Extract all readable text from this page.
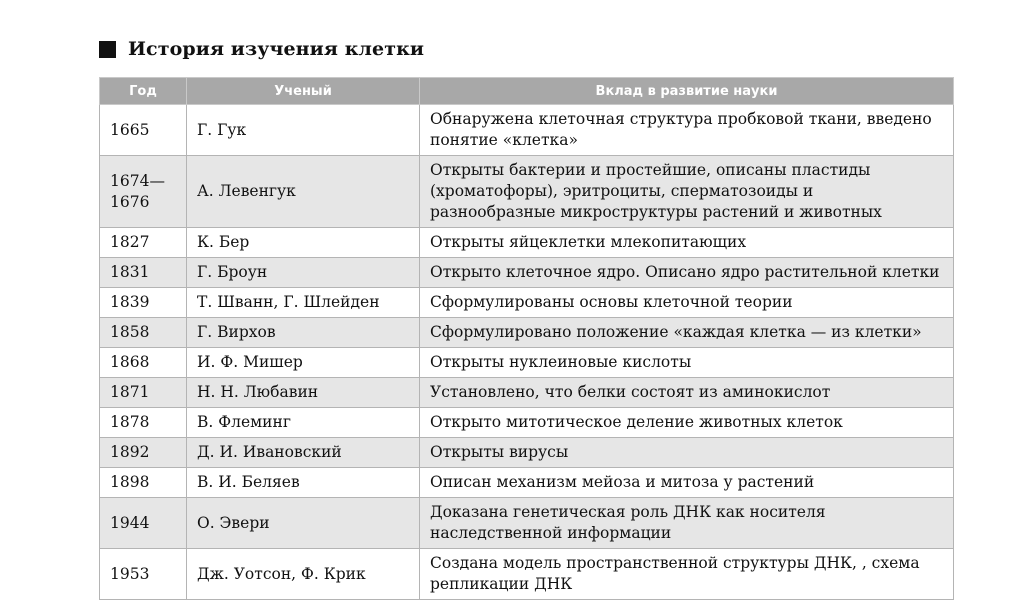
История изучения клетки
Год	Ученый	Вклад в развитие науки
1665	Г. Гук	Обнаружена клеточная структура пробковой ткани, введено понятие «клетка»
1674—1676	А. Левенгук	Открыты бактерии и простейшие, описаны пластиды (хроматофоры), эритроциты, сперматозоиды и разнообразные микроструктуры растений и животных
1827	К. Бер	Открыты яйцеклетки млекопитающих
1831	Г. Броун	Открыто клеточное ядро. Описано ядро растительной клетки
1839	Т. Шванн, Г. Шлейден	Сформулированы основы клеточной теории
1858	Г. Вирхов	Сформулировано положение «каждая клетка — из клетки»
1868	И. Ф. Мишер	Открыты нуклеиновые кислоты
1871	Н. Н. Любавин	Установлено, что белки состоят из аминокислот
1878	В. Флеминг	Открыто митотическое деление животных клеток
1892	Д. И. Ивановский	Открыты вирусы
1898	В. И. Беляев	Описан механизм мейоза и митоза у растений
1944	О. Эвери	Доказана генетическая роль ДНК как носителя наследственной информации
1953	Дж. Уотсон, Ф. Крик	Создана модель пространственной структуры ДНК, , схема репликации ДНК
